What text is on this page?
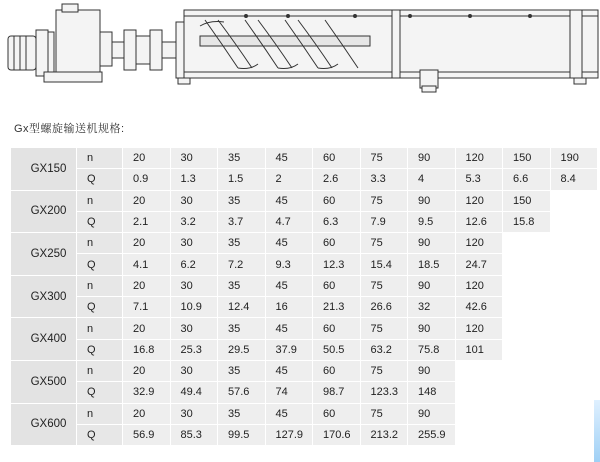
Gx型螺旋输送机规格:
GX150	n	20	30	35	45	60	75	90	120	150	190
	Q	0.9	1.3	1.5	2	2.6	3.3	4	5.3	6.6	8.4
GX200	n	20	30	35	45	60	75	90	120	150	
	Q	2.1	3.2	3.7	4.7	6.3	7.9	9.5	12.6	15.8	
GX250	n	20	30	35	45	60	75	90	120		
	Q	4.1	6.2	7.2	9.3	12.3	15.4	18.5	24.7		
GX300	n	20	30	35	45	60	75	90	120		
	Q	7.1	10.9	12.4	16	21.3	26.6	32	42.6		
GX400	n	20	30	35	45	60	75	90	120		
	Q	16.8	25.3	29.5	37.9	50.5	63.2	75.8	101		
GX500	n	20	30	35	45	60	75	90			
	Q	32.9	49.4	57.6	74	98.7	123.3	148			
GX600	n	20	30	35	45	60	75	90			
	Q	56.9	85.3	99.5	127.9	170.6	213.2	255.9			
